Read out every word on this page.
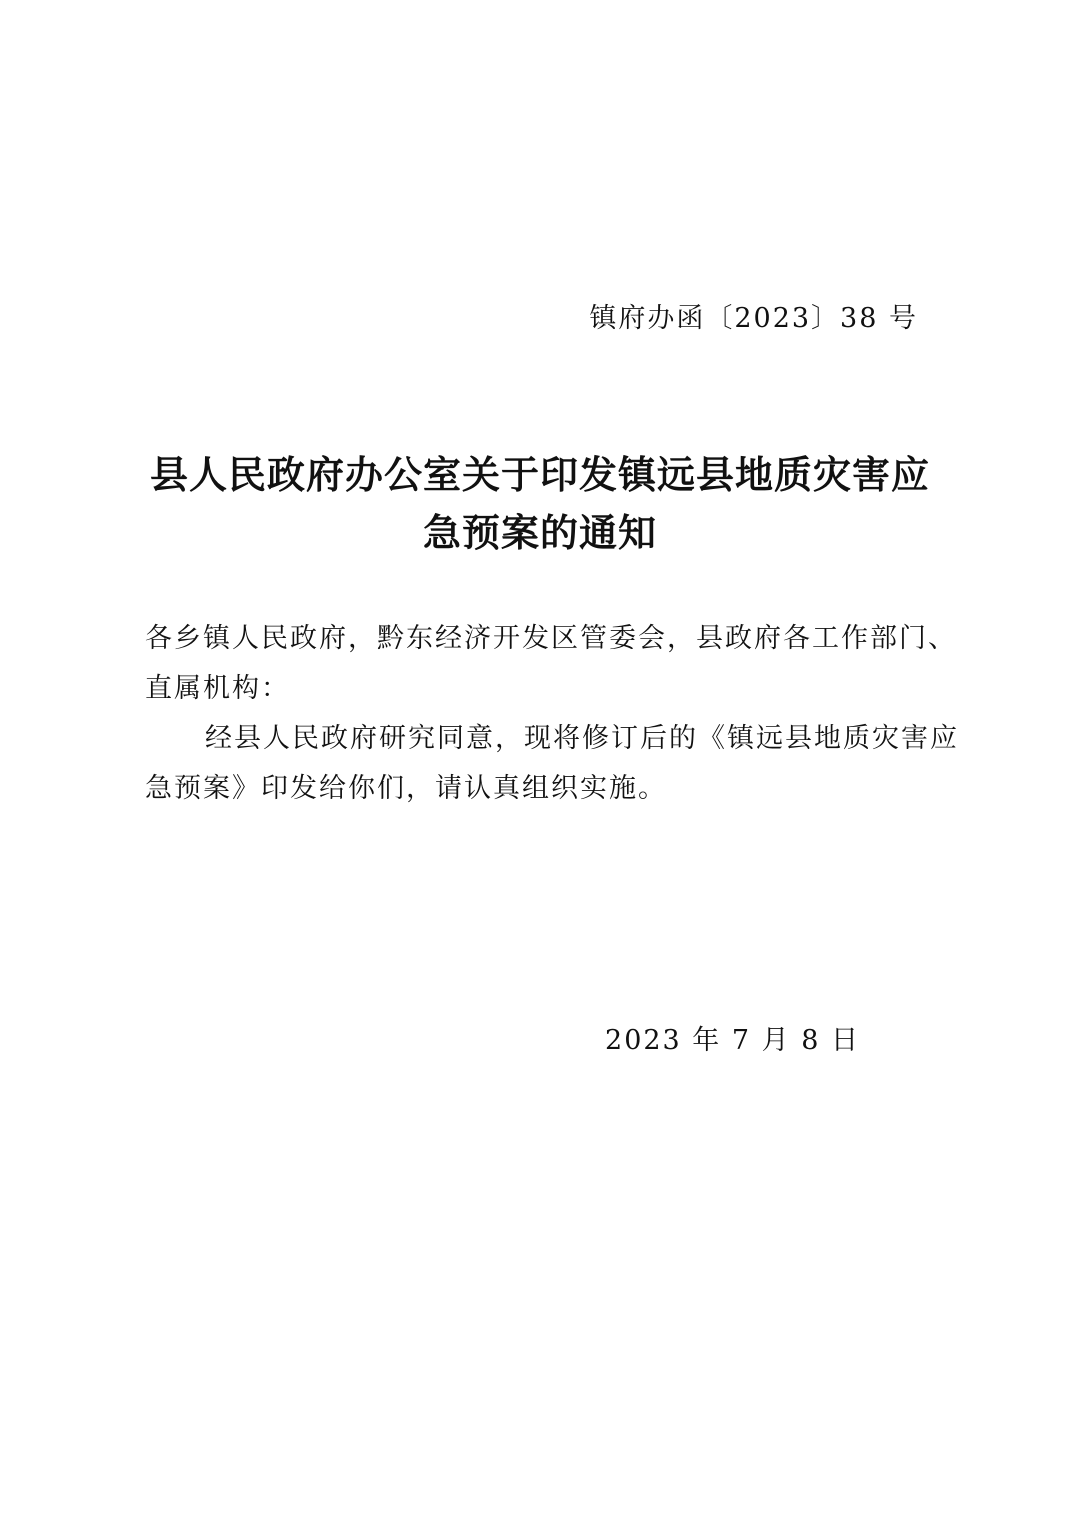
镇府办函〔2023〕38 号
县人民政府办公室关于印发镇远县地质灾害应
急预案的通知
各乡镇人民政府，黔东经济开发区管委会，县政府各工作部门、
直属机构：
经县人民政府研究同意，现将修订后的《镇远县地质灾害应
急预案》印发给你们，请认真组织实施。
2023 年 7 月 8 日
